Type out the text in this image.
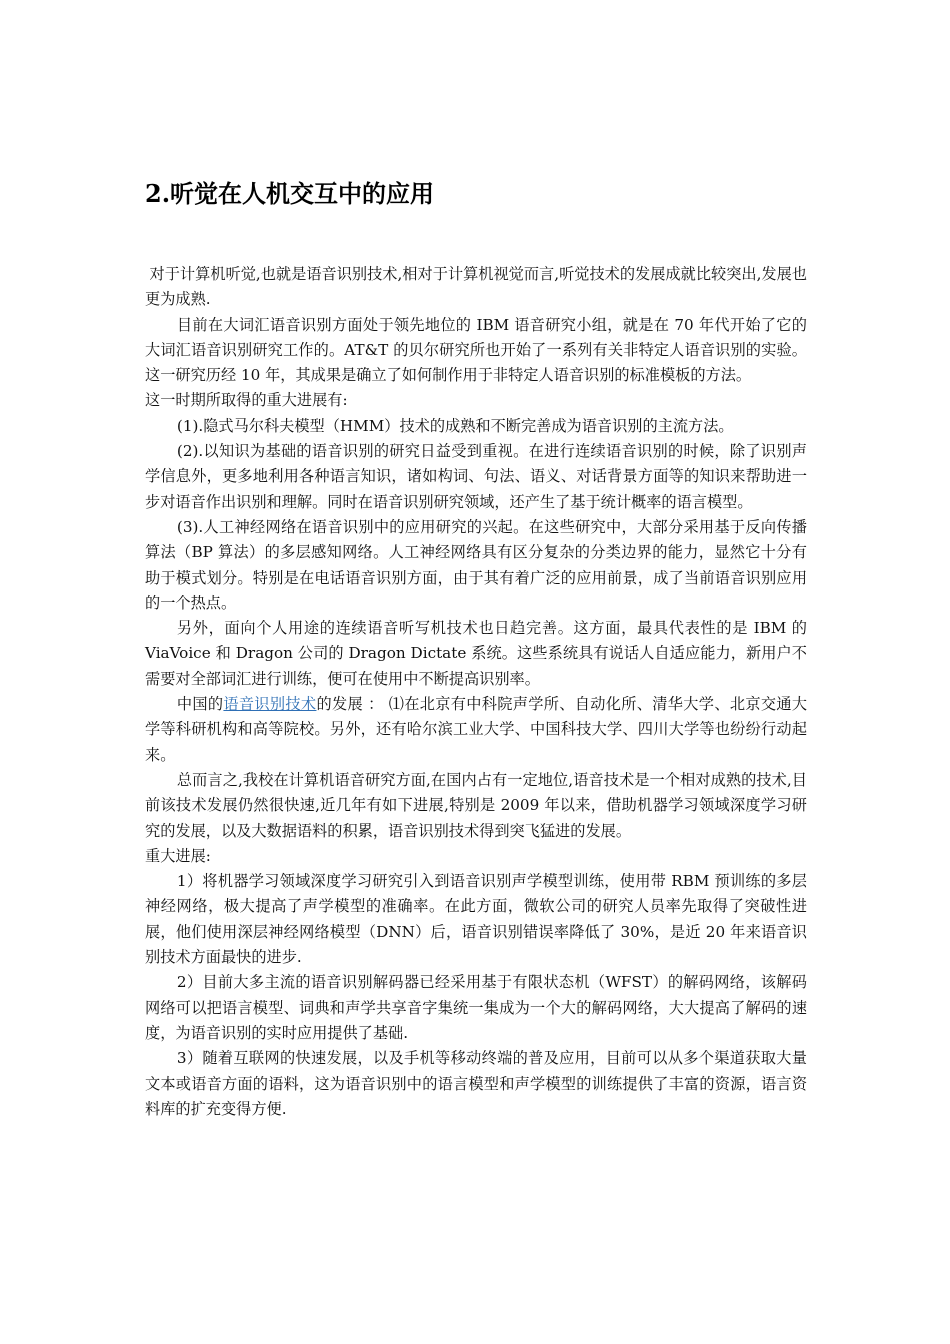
2.听觉在人机交互中的应用

对于计算机听觉,也就是语音识别技术,相对于计算机视觉而言,听觉技术的发展成就比较突出,发展也更为成熟.

目前在大词汇语音识别方面处于领先地位的 IBM 语音研究小组，就是在 70 年代开始了它的大词汇语音识别研究工作的。AT&T 的贝尔研究所也开始了一系列有关非特定人语音识别的实验。这一研究历经 10 年，其成果是确立了如何制作用于非特定人语音识别的标准模板的方法。

这一时期所取得的重大进展有:

(1).隐式马尔科夫模型（HMM）技术的成熟和不断完善成为语音识别的主流方法。

(2).以知识为基础的语音识别的研究日益受到重视。在进行连续语音识别的时候，除了识别声学信息外，更多地利用各种语言知识，诸如构词、句法、语义、对话背景方面等的知识来帮助进一步对语音作出识别和理解。同时在语音识别研究领域，还产生了基于统计概率的语言模型。

(3).人工神经网络在语音识别中的应用研究的兴起。在这些研究中，大部分采用基于反向传播算法（BP 算法）的多层感知网络。人工神经网络具有区分复杂的分类边界的能力，显然它十分有助于模式划分。特别是在电话语音识别方面，由于其有着广泛的应用前景，成了当前语音识别应用的一个热点。

另外，面向个人用途的连续语音听写机技术也日趋完善。这方面，最具代表性的是 IBM 的 ViaVoice 和 Dragon 公司的 Dragon Dictate 系统。这些系统具有说话人自适应能力，新用户不需要对全部词汇进行训练，便可在使用中不断提高识别率。

中国的语音识别技术的发展 ： ⑴在北京有中科院声学所、自动化所、清华大学、北京交通大学等科研机构和高等院校。另外，还有哈尔滨工业大学、中国科技大学、四川大学等也纷纷行动起来。

总而言之,我校在计算机语音研究方面,在国内占有一定地位,语音技术是一个相对成熟的技术,目前该技术发展仍然很快速,近几年有如下进展,特别是 2009 年以来，借助机器学习领域深度学习研究的发展，以及大数据语料的积累，语音识别技术得到突飞猛进的发展。

重大进展:

1）将机器学习领域深度学习研究引入到语音识别声学模型训练，使用带 RBM 预训练的多层神经网络，极大提高了声学模型的准确率。在此方面，微软公司的研究人员率先取得了突破性进展，他们使用深层神经网络模型（DNN）后，语音识别错误率降低了 30%，是近 20 年来语音识别技术方面最快的进步.

2）目前大多主流的语音识别解码器已经采用基于有限状态机（WFST）的解码网络，该解码网络可以把语言模型、词典和声学共享音字集统一集成为一个大的解码网络，大大提高了解码的速度，为语音识别的实时应用提供了基础.

3）随着互联网的快速发展，以及手机等移动终端的普及应用，目前可以从多个渠道获取大量文本或语音方面的语料，这为语音识别中的语言模型和声学模型的训练提供了丰富的资源，语言资料库的扩充变得方便.
